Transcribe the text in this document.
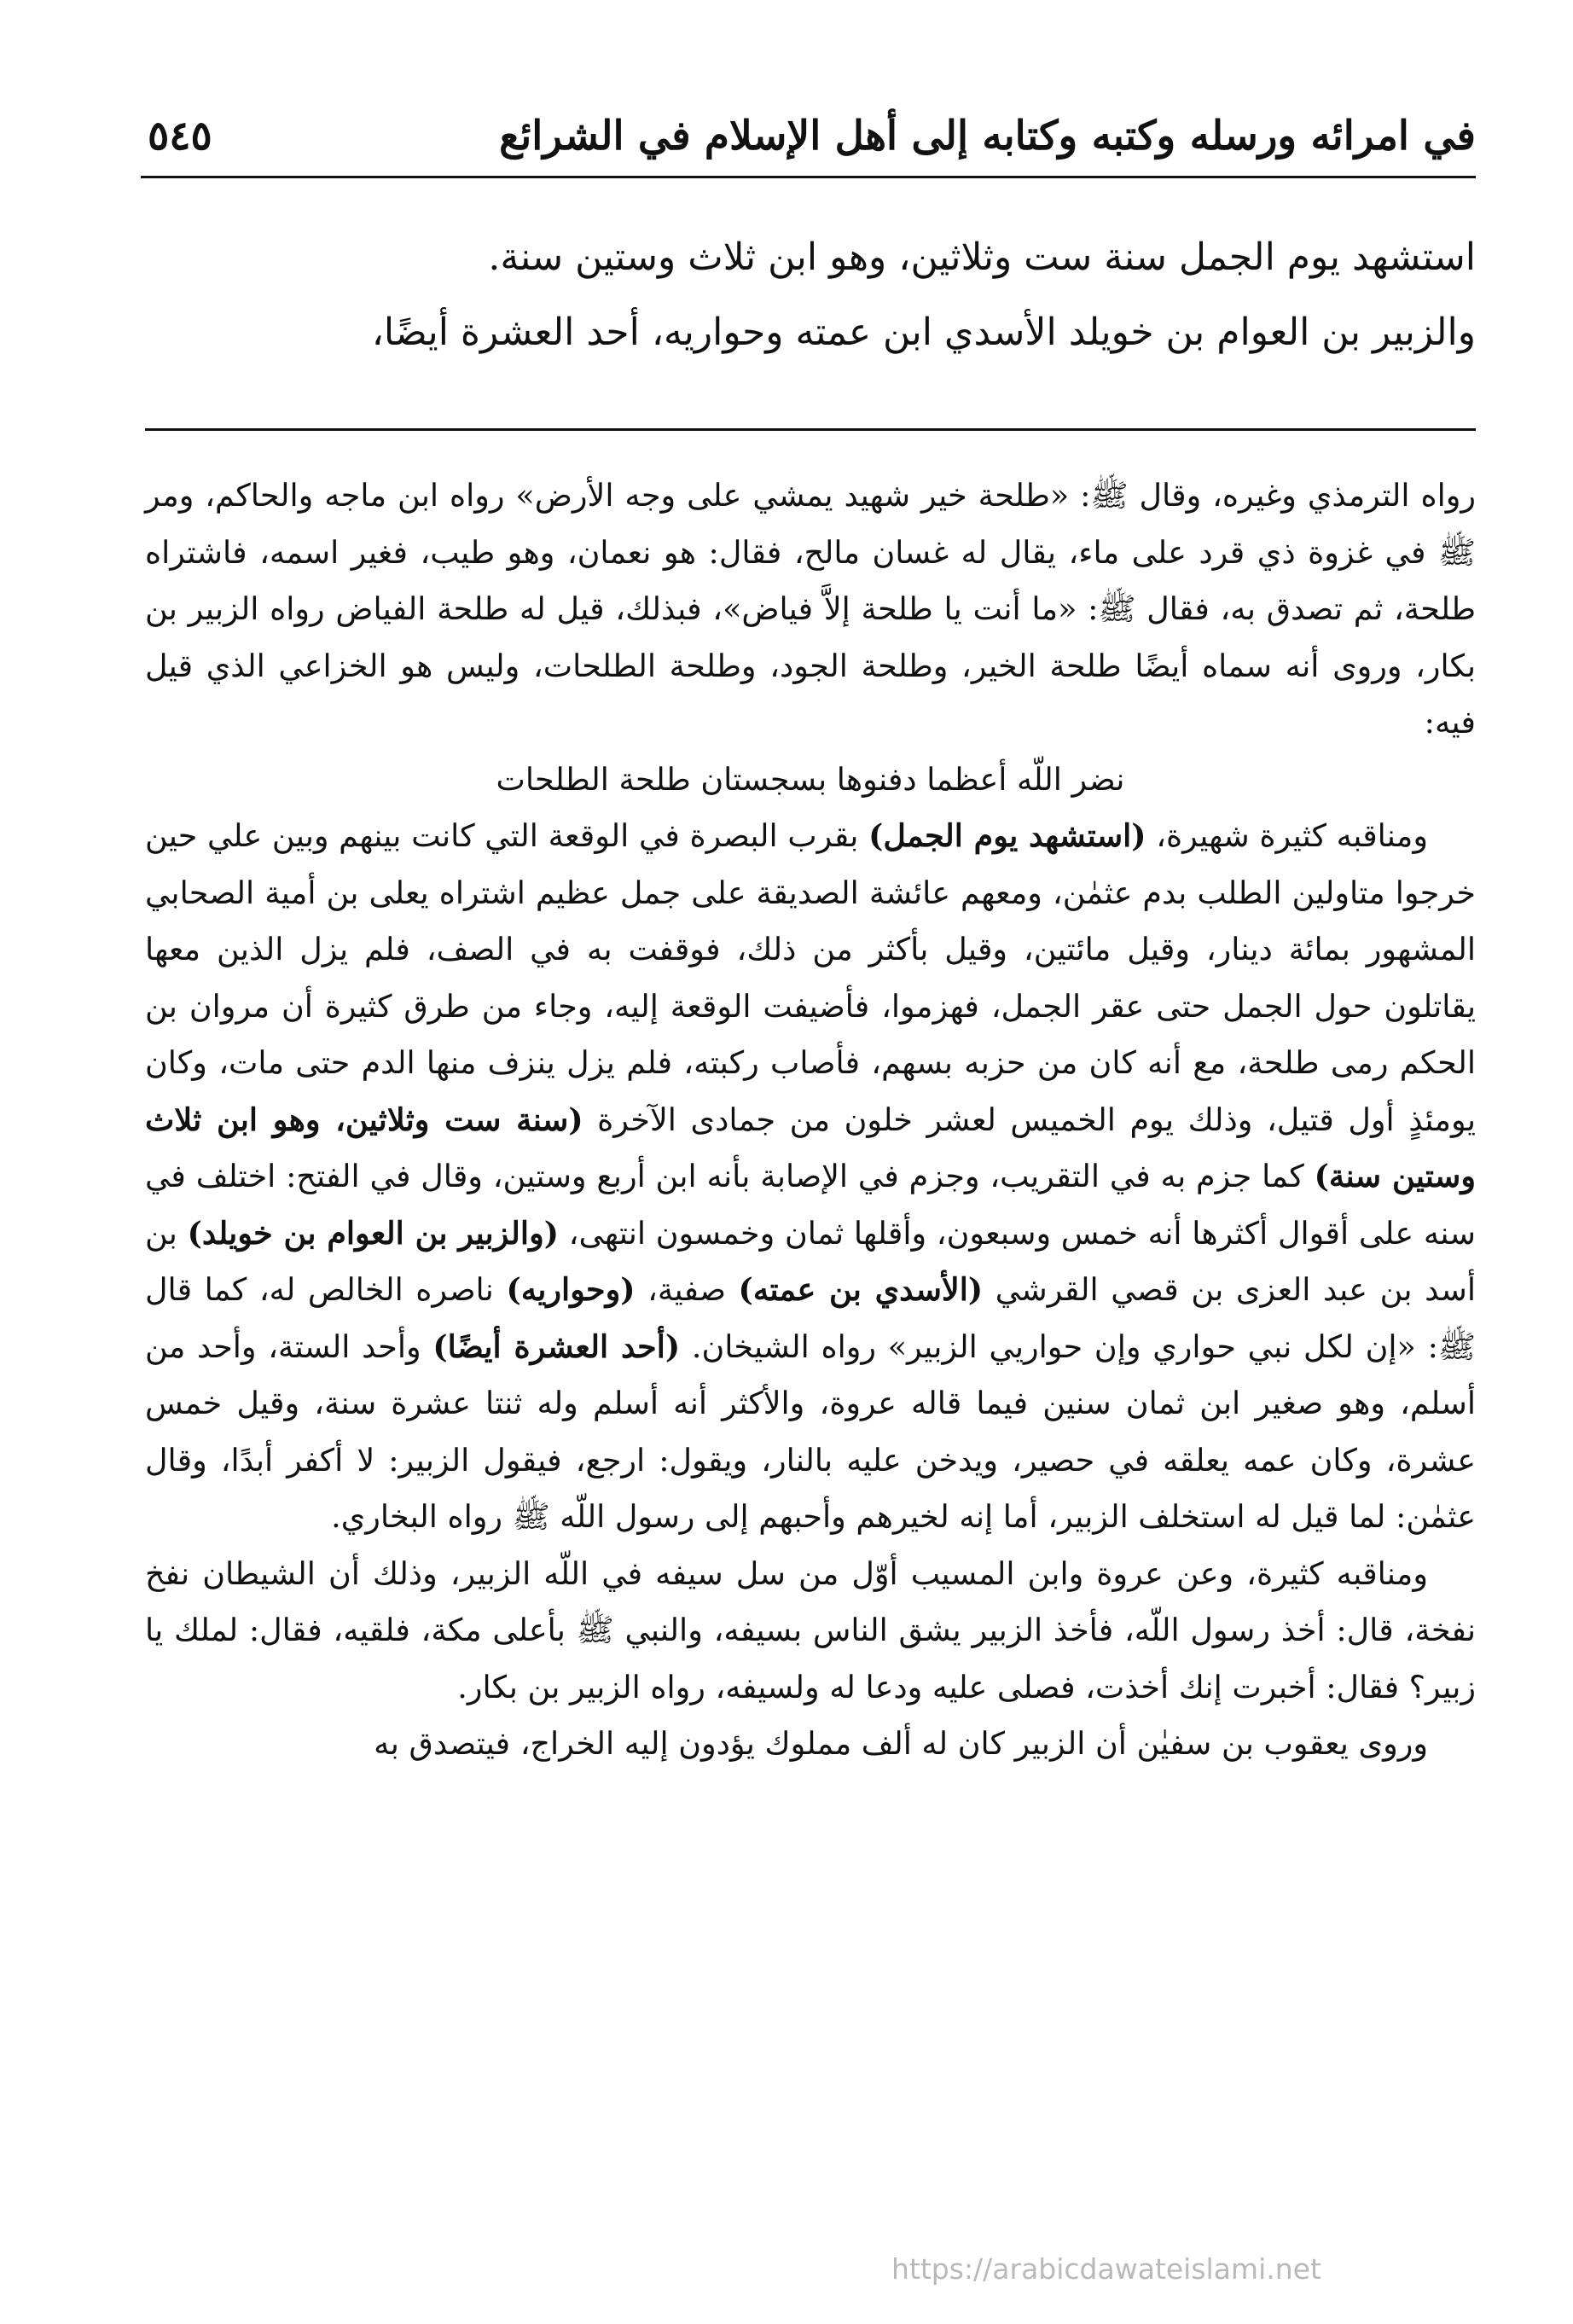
في امرائه ورسله وكتبه وكتابه إلى أهل الإسلام في الشرائع
٥٤٥

استشهد يوم الجمل سنة ست وثلاثين، وهو ابن ثلاث وستين سنة.

والزبير بن العوام بن خويلد الأسدي ابن عمته وحواريه، أحد العشرة أيضًا،

رواه الترمذي وغيره، وقال ﷺ: «طلحة خير شهيد يمشي على وجه الأرض» رواه ابن ماجه والحاكم، ومر ﷺ في غزوة ذي قرد على ماء، يقال له غسان مالح، فقال: هو نعمان، وهو طيب، فغير اسمه، فاشتراه طلحة، ثم تصدق به، فقال ﷺ: «ما أنت يا طلحة إلاَّ فياض»، فبذلك، قيل له طلحة الفياض رواه الزبير بن بكار، وروى أنه سماه أيضًا طلحة الخير، وطلحة الجود، وطلحة الطلحات، وليس هو الخزاعي الذي قيل فيه:

نضر اللّه أعظما دفنوها بسجستان طلحة الطلحات

ومناقبه كثيرة شهيرة، (استشهد يوم الجمل) بقرب البصرة في الوقعة التي كانت بينهم وبين علي حين خرجوا متاولين الطلب بدم عثمٰن، ومعهم عائشة الصديقة على جمل عظيم اشتراه يعلى بن أمية الصحابي المشهور بمائة دينار، وقيل مائتين، وقيل بأكثر من ذلك، فوقفت به في الصف، فلم يزل الذين معها يقاتلون حول الجمل حتى عقر الجمل، فهزموا، فأضيفت الوقعة إليه، وجاء من طرق كثيرة أن مروان بن الحكم رمى طلحة، مع أنه كان من حزبه بسهم، فأصاب ركبته، فلم يزل ينزف منها الدم حتى مات، وكان يومئذٍ أول قتيل، وذلك يوم الخميس لعشر خلون من جمادى الآخرة (سنة ست وثلاثين، وهو ابن ثلاث وستين سنة) كما جزم به في التقريب، وجزم في الإصابة بأنه ابن أربع وستين، وقال في الفتح: اختلف في سنه على أقوال أكثرها أنه خمس وسبعون، وأقلها ثمان وخمسون انتهى، (والزبير بن العوام بن خويلد) بن أسد بن عبد العزى بن قصي القرشي (الأسدي بن عمته) صفية، (وحواريه) ناصره الخالص له، كما قال ﷺ: «إن لكل نبي حواري وإن حواريي الزبير» رواه الشيخان. (أحد العشرة أيضًا) وأحد الستة، وأحد من أسلم، وهو صغير ابن ثمان سنين فيما قاله عروة، والأكثر أنه أسلم وله ثنتا عشرة سنة، وقيل خمس عشرة، وكان عمه يعلقه في حصير، ويدخن عليه بالنار، ويقول: ارجع، فيقول الزبير: لا أكفر أبدًا، وقال عثمٰن: لما قيل له استخلف الزبير، أما إنه لخيرهم وأحبهم إلى رسول اللّه ﷺ رواه البخاري.

ومناقبه كثيرة، وعن عروة وابن المسيب أوّل من سل سيفه في اللّه الزبير، وذلك أن الشيطان نفخ نفخة، قال: أخذ رسول اللّه، فأخذ الزبير يشق الناس بسيفه، والنبي ﷺ بأعلى مكة، فلقيه، فقال: لملك يا زبير؟ فقال: أخبرت إنك أخذت، فصلى عليه ودعا له ولسيفه، رواه الزبير بن بكار.

وروى يعقوب بن سفيٰن أن الزبير كان له ألف مملوك يؤدون إليه الخراج، فيتصدق به

https://arabicdawateislami.net
